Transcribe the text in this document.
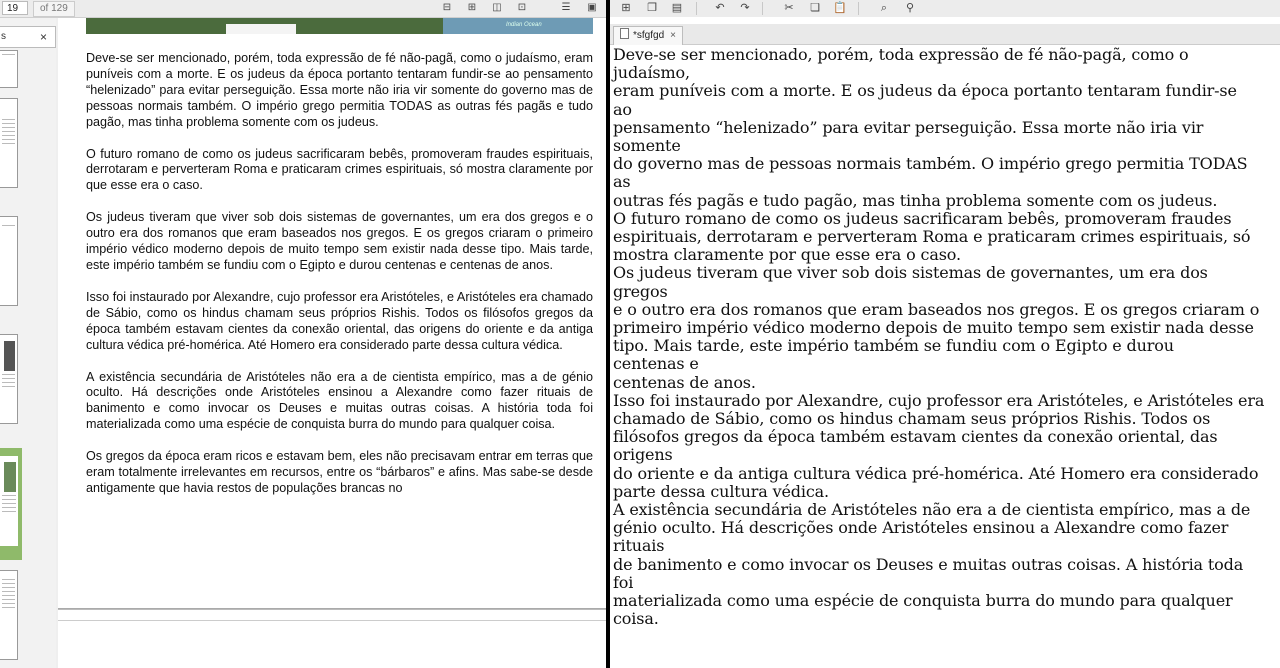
19	of 129	⊟	⊞	◫	⊡	☰	▣
s	×
Indian Ocean

Deve-se ser mencionado, porém, toda expressão de fé não-pagã, como o judaísmo, eram puníveis com a morte. E os judeus da época portanto tentaram fundir-se ao pensamento “helenizado” para evitar perseguição. Essa morte não iria vir somente do governo mas de pessoas normais também. O império grego permitia TODAS as outras fés pagãs e tudo pagão, mas tinha problema somente com os judeus.

O futuro romano de como os judeus sacrificaram bebês, promoveram fraudes espirituais, derrotaram e perverteram Roma e praticaram crimes espirituais, só mostra claramente por que esse era o caso.

Os judeus tiveram que viver sob dois sistemas de governantes, um era dos gregos e o outro era dos romanos que eram baseados nos gregos. E os gregos criaram o primeiro império védico moderno depois de muito tempo sem existir nada desse tipo. Mais tarde, este império também se fundiu com o Egipto e durou centenas e centenas de anos.

Isso foi instaurado por Alexandre, cujo professor era Aristóteles, e Aristóteles era chamado de Sábio, como os hindus chamam seus próprios Rishis. Todos os filósofos gregos da época também estavam cientes da conexão oriental, das origens do oriente e da antiga cultura védica pré-homérica. Até Homero era considerado parte dessa cultura védica.

A existência secundária de Aristóteles não era a de cientista empírico, mas a de génio oculto. Há descrições onde Aristóteles ensinou a Alexandre como fazer rituais de banimento e como invocar os Deuses e muitas outras coisas. A história toda foi materializada como uma espécie de conquista burra do mundo para qualquer coisa.

Os gregos da época eram ricos e estavam bem, eles não precisavam entrar em terras que eram totalmente irrelevantes em recursos, entre os “bárbaros” e afins. Mas sabe-se desde antigamente que havia restos de populações brancas no

⊞	❐ ▤	↶	↷	✂	❏ 📋	⌕	⚲
*sfgfgd ×
Deve-se ser mencionado, porém, toda expressão de fé não-pagã, como o
judaísmo,
eram puníveis com a morte. E os judeus da época portanto tentaram fundir-se
ao
pensamento “helenizado” para evitar perseguição. Essa morte não iria vir
somente
do governo mas de pessoas normais também. O império grego permitia TODAS
as
outras fés pagãs e tudo pagão, mas tinha problema somente com os judeus.
O futuro romano de como os judeus sacrificaram bebês, promoveram fraudes
espirituais, derrotaram e perverteram Roma e praticaram crimes espirituais, só
mostra claramente por que esse era o caso.
Os judeus tiveram que viver sob dois sistemas de governantes, um era dos
gregos
e o outro era dos romanos que eram baseados nos gregos. E os gregos criaram o
primeiro império védico moderno depois de muito tempo sem existir nada desse
tipo. Mais tarde, este império também se fundiu com o Egipto e durou
centenas e
centenas de anos.
Isso foi instaurado por Alexandre, cujo professor era Aristóteles, e Aristóteles era
chamado de Sábio, como os hindus chamam seus próprios Rishis. Todos os
filósofos gregos da época também estavam cientes da conexão oriental, das
origens
do oriente e da antiga cultura védica pré-homérica. Até Homero era considerado
parte dessa cultura védica.
A existência secundária de Aristóteles não era a de cientista empírico, mas a de
génio oculto. Há descrições onde Aristóteles ensinou a Alexandre como fazer
rituais
de banimento e como invocar os Deuses e muitas outras coisas. A história toda
foi
materializada como uma espécie de conquista burra do mundo para qualquer
coisa.
